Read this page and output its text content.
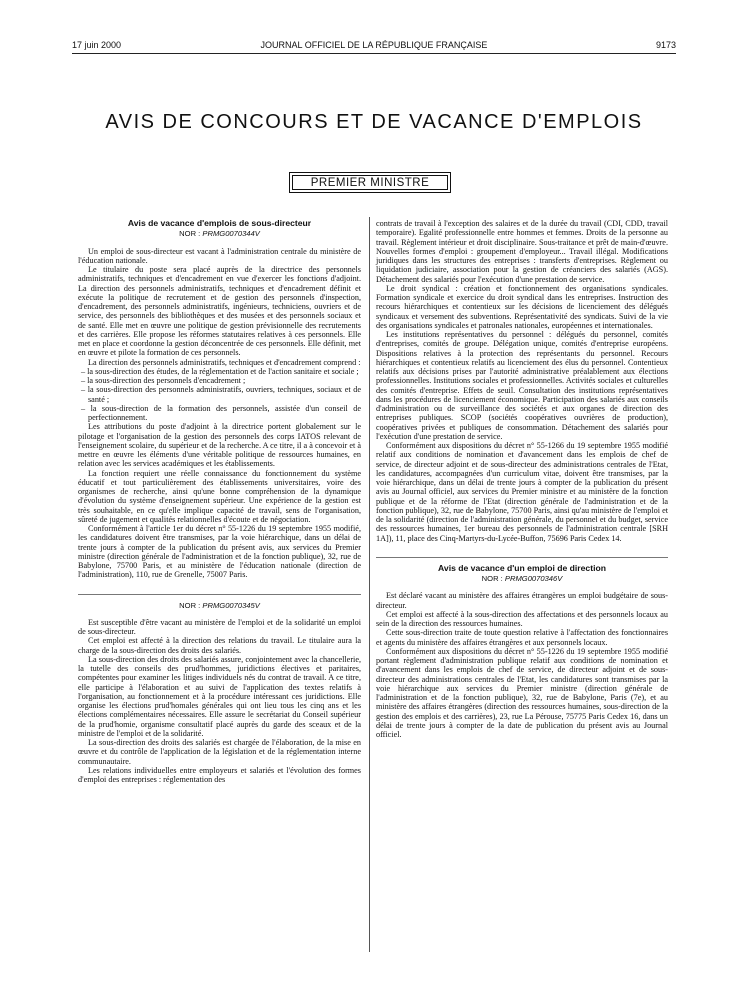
17 juin 2000	JOURNAL OFFICIEL DE LA RÉPUBLIQUE FRANÇAISE	9173
AVIS DE CONCOURS ET DE VACANCE D'EMPLOIS
PREMIER MINISTRE
Avis de vacance d'emplois de sous-directeur
NOR : PRMG0070344V

Un emploi de sous-directeur est vacant à l'administration centrale du ministère de l'éducation nationale.

Le titulaire du poste sera placé auprès de la directrice des personnels administratifs, techniques et d'encadrement en vue d'exercer les fonctions d'adjoint. La direction des personnels administratifs, techniques et d'encadrement définit et exécute la politique de recrutement et de gestion des personnels d'inspection, d'encadrement, des personnels administratifs, ingénieurs, techniciens, ouvriers et de service, des personnels des bibliothèques et des musées et des personnels sociaux et de santé. Elle met en œuvre une politique de gestion prévisionnelle des recrutements et des carrières. Elle propose les réformes statutaires relatives à ces personnels. Elle met en place et coordonne la gestion déconcentrée de ces personnels. Elle définit, met en œuvre et pilote la formation de ces personnels.

La direction des personnels administratifs, techniques et d'encadrement comprend :

– la sous-direction des études, de la réglementation et de l'action sanitaire et sociale ;
– la sous-direction des personnels d'encadrement ;
– la sous-direction des personnels administratifs, ouvriers, techniques, sociaux et de santé ;
– la sous-direction de la formation des personnels, assistée d'un conseil de perfectionnement.

Les attributions du poste d'adjoint à la directrice portent globalement sur le pilotage et l'organisation de la gestion des personnels des corps IATOS relevant de l'enseignement scolaire, du supérieur et de la recherche. A ce titre, il a à concevoir et à mettre en œuvre les éléments d'une véritable politique de ressources humaines, en relation avec les services académiques et les établissements.

La fonction requiert une réelle connaissance du fonctionnement du système éducatif et tout particulièrement des établissements universitaires, voire des organismes de recherche, ainsi qu'une bonne compréhension de la dynamique d'évolution du système d'enseignement supérieur. Une expérience de la gestion est très souhaitable, en ce qu'elle implique capacité de travail, sens de l'organisation, sûreté de jugement et qualités relationnelles d'écoute et de négociation.

Conformément à l'article 1er du décret n° 55-1226 du 19 septembre 1955 modifié, les candidatures doivent être transmises, par la voie hiérarchique, dans un délai de trente jours à compter de la publication du présent avis, aux services du Premier ministre (direction générale de l'administration et de la fonction publique), 32, rue de Babylone, 75700 Paris, et au ministère de l'éducation nationale (direction de l'administration), 110, rue de Grenelle, 75007 Paris.

NOR : PRMG0070345V

Est susceptible d'être vacant au ministère de l'emploi et de la solidarité un emploi de sous-directeur.

Cet emploi est affecté à la direction des relations du travail. Le titulaire aura la charge de la sous-direction des droits des salariés.

La sous-direction des droits des salariés assure, conjointement avec la chancellerie, la tutelle des conseils des prud'hommes, juridictions électives et paritaires, compétentes pour examiner les litiges individuels nés du contrat de travail. A ce titre, elle participe à l'élaboration et au suivi de l'application des textes relatifs à l'organisation, au fonctionnement et à la procédure intéressant ces juridictions. Elle organise les élections prud'homales générales qui ont lieu tous les cinq ans et les élections complémentaires nécessaires. Elle assure le secrétariat du Conseil supérieur de la prud'homie, organisme consultatif placé auprès du garde des sceaux et de la ministre de l'emploi et de la solidarité.

La sous-direction des droits des salariés est chargée de l'élaboration, de la mise en œuvre et du contrôle de l'application de la législation et de la réglementation interne communautaire.

Les relations individuelles entre employeurs et salariés et l'évolution des formes d'emploi des entreprises : réglementation des

contrats de travail à l'exception des salaires et de la durée du travail (CDI, CDD, travail temporaire). Egalité professionnelle entre hommes et femmes. Droits de la personne au travail. Règlement intérieur et droit disciplinaire. Sous-traitance et prêt de main-d'œuvre. Nouvelles formes d'emploi : groupement d'employeur... Travail illégal. Modifications juridiques dans les structures des entreprises : transferts d'entreprises. Règlement ou liquidation judiciaire, association pour la gestion de créanciers des salariés (AGS). Détachement des salariés pour l'exécution d'une prestation de service.

Le droit syndical : création et fonctionnement des organisations syndicales. Formation syndicale et exercice du droit syndical dans les entreprises. Instruction des recours hiérarchiques et contentieux sur les décisions de licenciement des délégués syndicaux et versement des subventions. Représentativité des syndicats. Suivi de la vie des organisations syndicales et patronales nationales, européennes et internationales.

Les institutions représentatives du personnel : délégués du personnel, comités d'entreprises, comités de groupe. Délégation unique, comités d'entreprise européens. Dispositions relatives à la protection des représentants du personnel. Recours hiérarchiques et contentieux relatifs au licenciement des élus du personnel. Contentieux relatifs aux décisions prises par l'autorité administrative préalablement aux élections professionnelles. Institutions sociales et professionnelles. Activités sociales et culturelles des comités d'entreprise. Effets de seuil. Consultation des institutions représentatives dans les procédures de licenciement économique. Participation des salariés aux conseils d'administration ou de surveillance des sociétés et aux organes de direction des entreprises publiques. SCOP (sociétés coopératives ouvrières de production), coopératives privées et publiques de consommation. Détachement des salariés pour l'exécution d'une prestation de service.

Conformément aux dispositions du décret n° 55-1266 du 19 septembre 1955 modifié relatif aux conditions de nomination et d'avancement dans les emplois de chef de service, de directeur adjoint et de sous-directeur des administrations centrales de l'Etat, les candidatures, accompagnées d'un curriculum vitae, doivent être transmises, par la voie hiérarchique, dans un délai de trente jours à compter de la publication du présent avis au Journal officiel, aux services du Premier ministre et au ministère de la fonction publique et de la réforme de l'Etat (direction générale de l'administration et de la fonction publique), 32, rue de Babylone, 75700 Paris, ainsi qu'au ministère de l'emploi et de la solidarité (direction de l'administration générale, du personnel et du budget, service des ressources humaines, 1er bureau des personnels de l'administration centrale [SRH 1A]), 11, place des Cinq-Martyrs-du-Lycée-Buffon, 75696 Paris Cedex 14.

Avis de vacance d'un emploi de direction
NOR : PRMG0070346V

Est déclaré vacant au ministère des affaires étrangères un emploi budgétaire de sous-directeur.

Cet emploi est affecté à la sous-direction des affectations et des personnels locaux au sein de la direction des ressources humaines.

Cette sous-direction traite de toute question relative à l'affectation des fonctionnaires et agents du ministère des affaires étrangères et aux personnels locaux.

Conformément aux dispositions du décret n° 55-1226 du 19 septembre 1955 modifié portant règlement d'administration publique relatif aux conditions de nomination et d'avancement dans les emplois de chef de service, de directeur adjoint et de sous-directeur des administrations centrales de l'Etat, les candidatures sont transmises par la voie hiérarchique aux services du Premier ministre (direction générale de l'administration et de la fonction publique), 32, rue de Babylone, Paris (7e), et au ministère des affaires étrangères (direction des ressources humaines, sous-direction de la gestion des emplois et des carrières), 23, rue La Pérouse, 75775 Paris Cedex 16, dans un délai de trente jours à compter de la date de publication du présent avis au Journal officiel.
